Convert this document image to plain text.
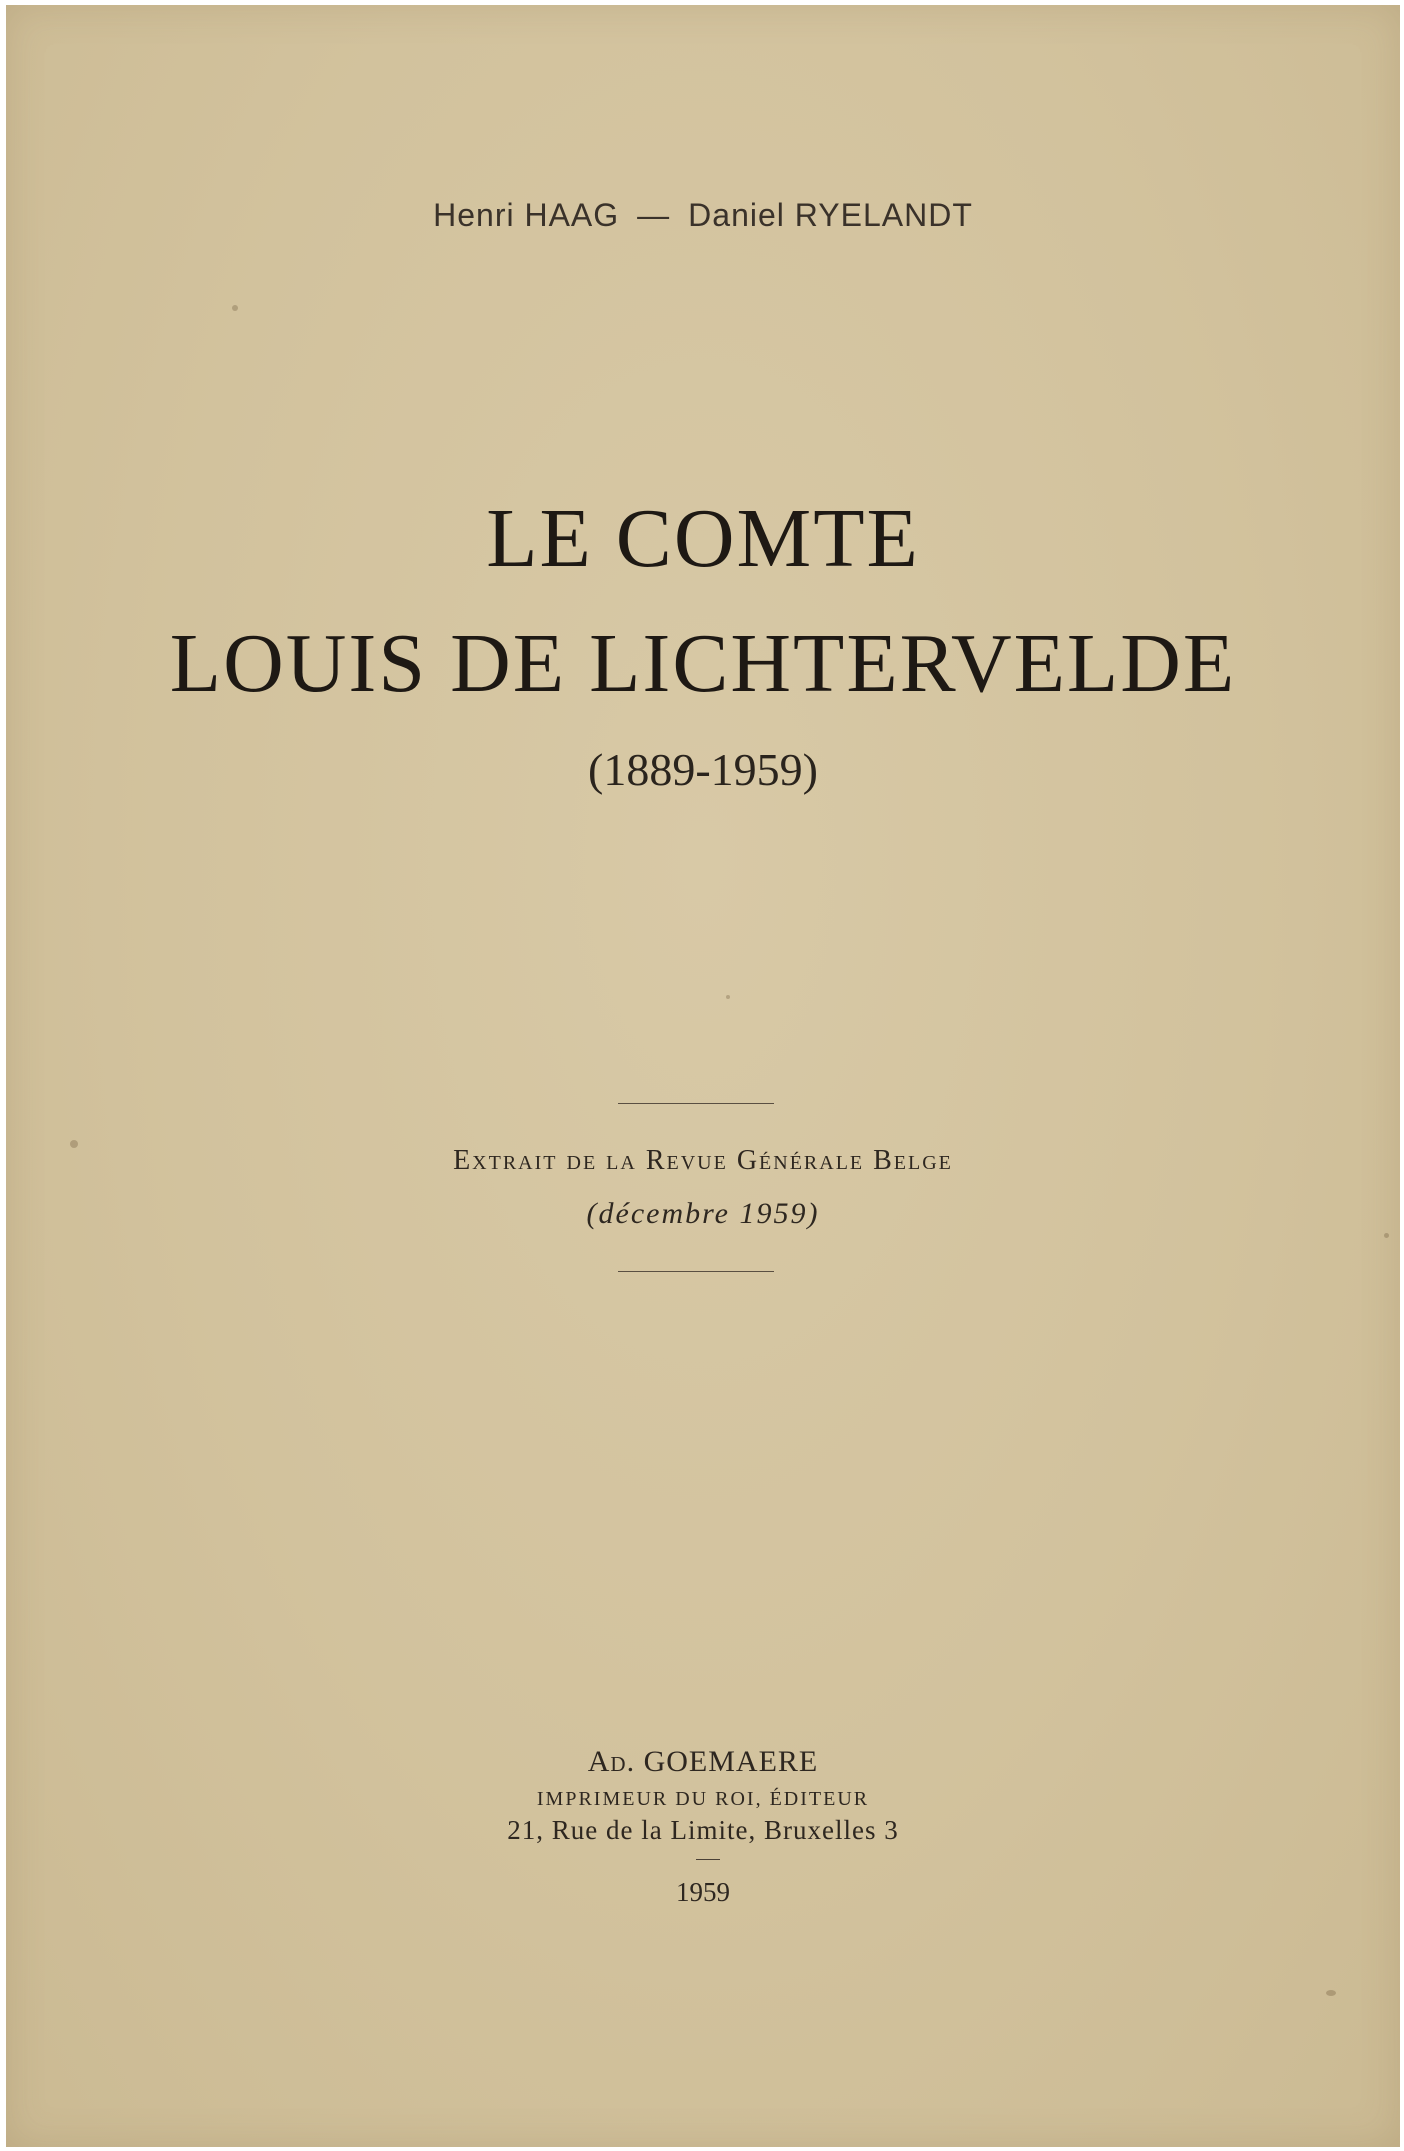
Henri HAAG — Daniel RYELANDT
LE COMTE
LOUIS DE LICHTERVELDE
(1889-1959)
Extrait de la Revue Générale Belge
(décembre 1959)
Ad. GOEMAERE
IMPRIMEUR DU ROI, ÉDITEUR
21, Rue de la Limite, Bruxelles 3
1959
